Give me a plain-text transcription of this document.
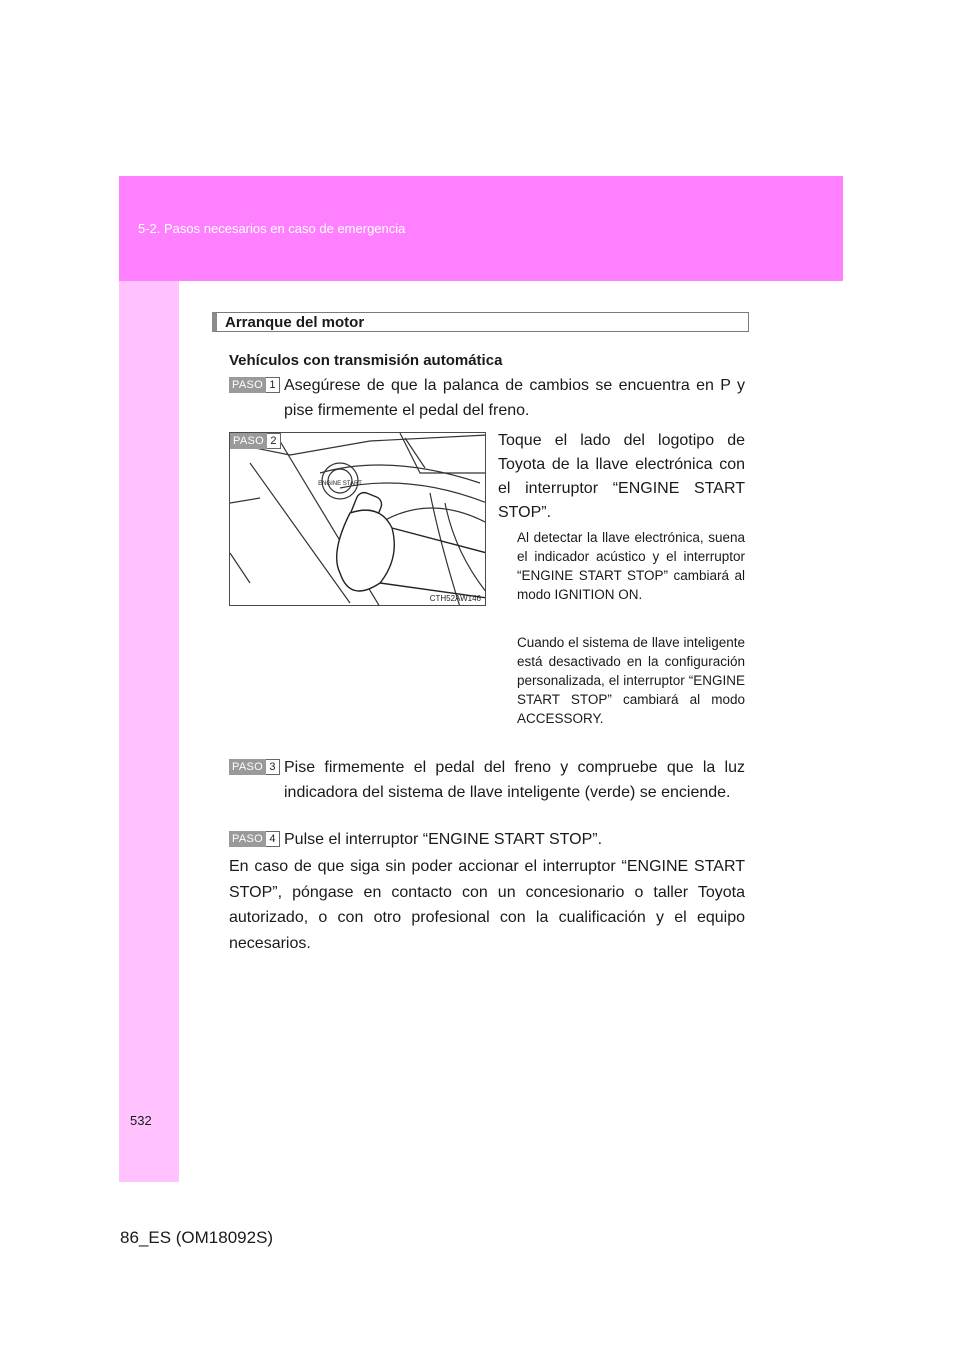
5-2. Pasos necesarios en caso de emergencia
Arranque del motor
Vehículos con transmisión automática
PASO 1 Asegúrese de que la palanca de cambios se encuentra en P y pise firmemente el pedal del freno.
ENGINE START
PASO 2
CTH52AW146
Toque el lado del logotipo de Toyota de la llave electrónica con el interruptor “ENGINE START STOP”.
Al detectar la llave electrónica, suena el indicador acústico y el interruptor “ENGINE START STOP” cambiará al modo IGNITION ON.
Cuando el sistema de llave inteligente está desactivado en la configuración personalizada, el interruptor “ENGINE START STOP” cambiará al modo ACCESSORY.
PASO 3 Pise firmemente el pedal del freno y compruebe que la luz indicadora del sistema de llave inteligente (verde) se enciende.
PASO 4 Pulse el interruptor “ENGINE START STOP”.
En caso de que siga sin poder accionar el interruptor “ENGINE START STOP”, póngase en contacto con un concesionario o taller Toyota autorizado, o con otro profesional con la cualificación y el equipo necesarios.
532
86_ES (OM18092S)
